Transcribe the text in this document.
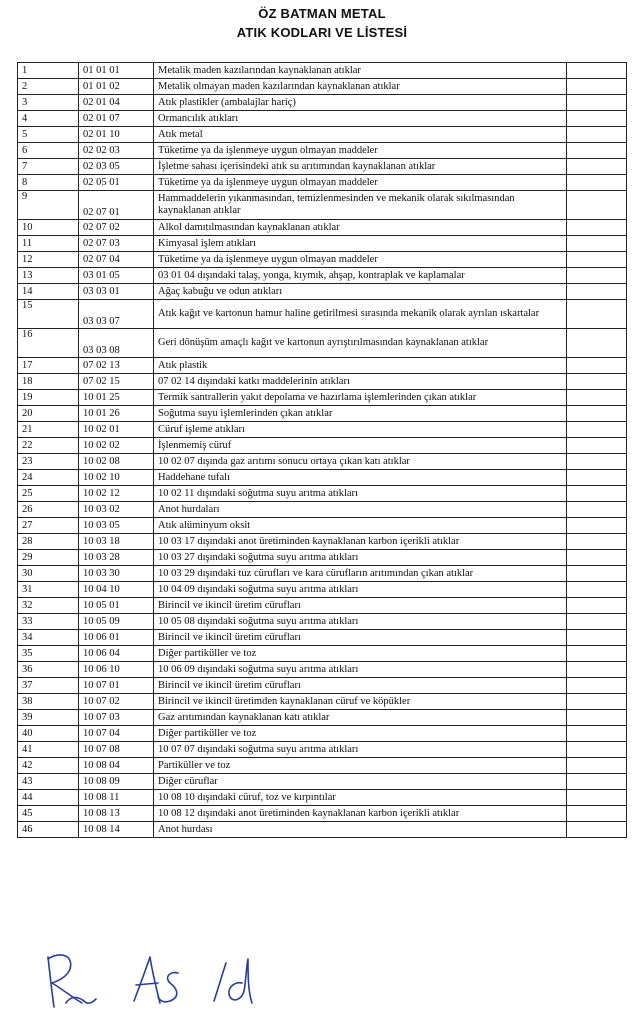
ÖZ BATMAN METAL
ATIK KODLARI VE LİSTESİ
1	01 01 01	Metalik maden kazılarından kaynaklanan atıklar	
2	01 01 02	Metalik olmayan maden kazılarından kaynaklanan atıklar	
3	02 01 04	Atık plastikler (ambalajlar hariç)	
4	02 01 07	Ormancılık atıkları	
5	02 01 10	Atık metal	
6	02 02 03	Tüketime ya da işlenmeye uygun olmayan maddeler	
7	02 03 05	İşletme sahası içerisindeki atık su arıtımından kaynaklanan atıklar	
8	02 05 01	Tüketime ya da işlenmeye uygun olmayan maddeler	
9	02 07 01	Hammaddelerin yıkanmasından, temizlenmesinden ve mekanik olarak sıkılmasından kaynaklanan atıklar	
10	02 07 02	Alkol damıtılmasından kaynaklanan atıklar	
11	02 07 03	Kimyasal işlem atıkları	
12	02 07 04	Tüketime ya da işlenmeye uygun olmayan maddeler	
13	03 01 05	03 01 04 dışındaki talaş, yonga, kıymık, ahşap, kontraplak ve kaplamalar	
14	03 03 01	Ağaç kabuğu ve odun atıkları	
15	03 03 07	Atık kağıt ve kartonun hamur haline getirilmesi sırasında mekanik olarak ayrılan ıskartalar	
16	03 03 08	Geri dönüşüm amaçlı kağıt ve kartonun ayrıştırılmasından kaynaklanan atıklar	
17	07 02 13	Atık plastik	
18	07 02 15	07 02 14 dışındaki katkı maddelerinin atıkları	
19	10 01 25	Termik santrallerin yakıt depolama ve hazırlama işlemlerinden çıkan atıklar	
20	10 01 26	Soğutma suyu işlemlerinden çıkan atıklar	
21	10 02 01	Cüruf işleme atıkları	
22	10 02 02	İşlenmemiş cüruf	
23	10 02 08	10 02 07 dışında gaz arıtımı sonucu ortaya çıkan katı atıklar	
24	10 02 10	Haddehane tufalı	
25	10 02 12	10 02 11 dışındaki soğutma suyu arıtma atıkları	
26	10 03 02	Anot hurdaları	
27	10 03 05	Atık alüminyum oksit	
28	10 03 18	10 03 17 dışındaki anot üretiminden kaynaklanan karbon içerikli atıklar	
29	10 03 28	10 03 27 dışındaki soğutma suyu arıtma atıkları	
30	10 03 30	10 03 29 dışındaki tuz cürufları ve kara cürufların arıtımından çıkan atıklar	
31	10 04 10	10 04 09 dışındaki soğutma suyu arıtma atıkları	
32	10 05 01	Birincil ve ikincil üretim cürufları	
33	10 05 09	10 05 08 dışındaki soğutma suyu arıtma atıkları	
34	10 06 01	Birincil ve ikincil üretim cürufları	
35	10 06 04	Diğer partiküller ve toz	
36	10 06 10	10 06 09 dışındaki soğutma suyu arıtma atıkları	
37	10 07 01	Birincil ve ikincil üretim cürufları	
38	10 07 02	Birincil ve ikincil üretimden kaynaklanan cüruf ve köpükler	
39	10 07 03	Gaz arıtımından kaynaklanan katı atıklar	
40	10 07 04	Diğer partiküller ve toz	
41	10 07 08	10 07 07 dışındaki soğutma suyu arıtma atıkları	
42	10 08 04	Partiküller ve toz	
43	10 08 09	Diğer cüruflar	
44	10 08 11	10 08 10 dışındaki cüruf, toz ve kırpıntılar	
45	10 08 13	10 08 12 dışındaki anot üretiminden kaynaklanan karbon içerikli atıklar	
46	10 08 14	Anot hurdası	
